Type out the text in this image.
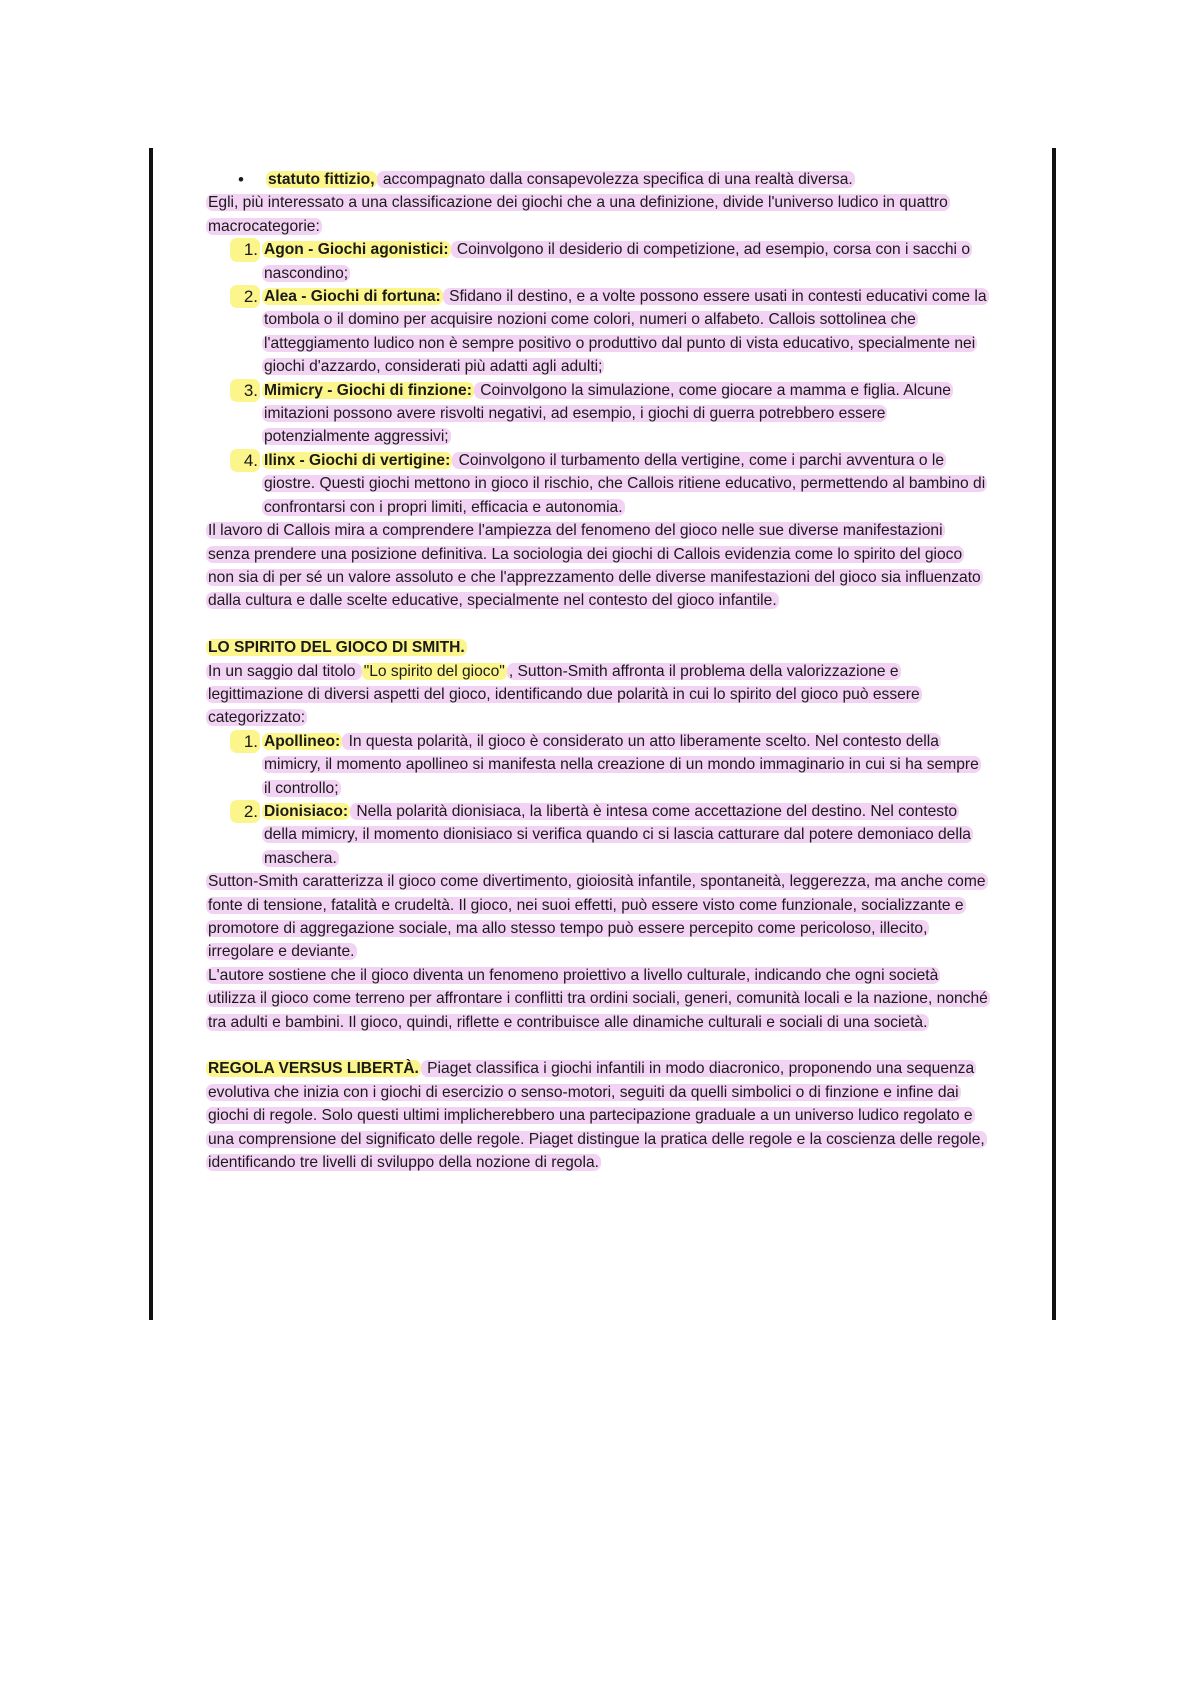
• statuto fittizio, accompagnato dalla consapevolezza specifica di una realtà diversa.

Egli, più interessato a una classificazione dei giochi che a una definizione, divide l'universo ludico in quattro macrocategorie:

1. Agon - Giochi agonistici: Coinvolgono il desiderio di competizione, ad esempio, corsa con i sacchi o nascondino;
2. Alea - Giochi di fortuna: Sfidano il destino, e a volte possono essere usati in contesti educativi come la tombola o il domino per acquisire nozioni come colori, numeri o alfabeto. Callois sottolinea che l'atteggiamento ludico non è sempre positivo o produttivo dal punto di vista educativo, specialmente nei giochi d'azzardo, considerati più adatti agli adulti;
3. Mimicry - Giochi di finzione: Coinvolgono la simulazione, come giocare a mamma e figlia. Alcune imitazioni possono avere risvolti negativi, ad esempio, i giochi di guerra potrebbero essere potenzialmente aggressivi;
4. Ilinx - Giochi di vertigine: Coinvolgono il turbamento della vertigine, come i parchi avventura o le giostre. Questi giochi mettono in gioco il rischio, che Callois ritiene educativo, permettendo al bambino di confrontarsi con i propri limiti, efficacia e autonomia.

Il lavoro di Callois mira a comprendere l'ampiezza del fenomeno del gioco nelle sue diverse manifestazioni senza prendere una posizione definitiva. La sociologia dei giochi di Callois evidenzia come lo spirito del gioco non sia di per sé un valore assoluto e che l'apprezzamento delle diverse manifestazioni del gioco sia influenzato dalla cultura e dalle scelte educative, specialmente nel contesto del gioco infantile.

LO SPIRITO DEL GIOCO DI SMITH.

In un saggio dal titolo "Lo spirito del gioco" , Sutton-Smith affronta il problema della valorizzazione e legittimazione di diversi aspetti del gioco, identificando due polarità in cui lo spirito del gioco può essere categorizzato:

1. Apollineo: In questa polarità, il gioco è considerato un atto liberamente scelto. Nel contesto della mimicry, il momento apollineo si manifesta nella creazione di un mondo immaginario in cui si ha sempre il controllo;
2. Dionisiaco: Nella polarità dionisiaca, la libertà è intesa come accettazione del destino. Nel contesto della mimicry, il momento dionisiaco si verifica quando ci si lascia catturare dal potere demoniaco della maschera.

Sutton-Smith caratterizza il gioco come divertimento, gioiosità infantile, spontaneità, leggerezza, ma anche come fonte di tensione, fatalità e crudeltà. Il gioco, nei suoi effetti, può essere visto come funzionale, socializzante e promotore di aggregazione sociale, ma allo stesso tempo può essere percepito come pericoloso, illecito, irregolare e deviante.

L'autore sostiene che il gioco diventa un fenomeno proiettivo a livello culturale, indicando che ogni società utilizza il gioco come terreno per affrontare i conflitti tra ordini sociali, generi, comunità locali e la nazione, nonché tra adulti e bambini. Il gioco, quindi, riflette e contribuisce alle dinamiche culturali e sociali di una società.

REGOLA VERSUS LIBERTÀ. Piaget classifica i giochi infantili in modo diacronico, proponendo una sequenza evolutiva che inizia con i giochi di esercizio o senso-motori, seguiti da quelli simbolici o di finzione e infine dai giochi di regole. Solo questi ultimi implicherebbero una partecipazione graduale a un universo ludico regolato e una comprensione del significato delle regole. Piaget distingue la pratica delle regole e la coscienza delle regole, identificando tre livelli di sviluppo della nozione di regola.
